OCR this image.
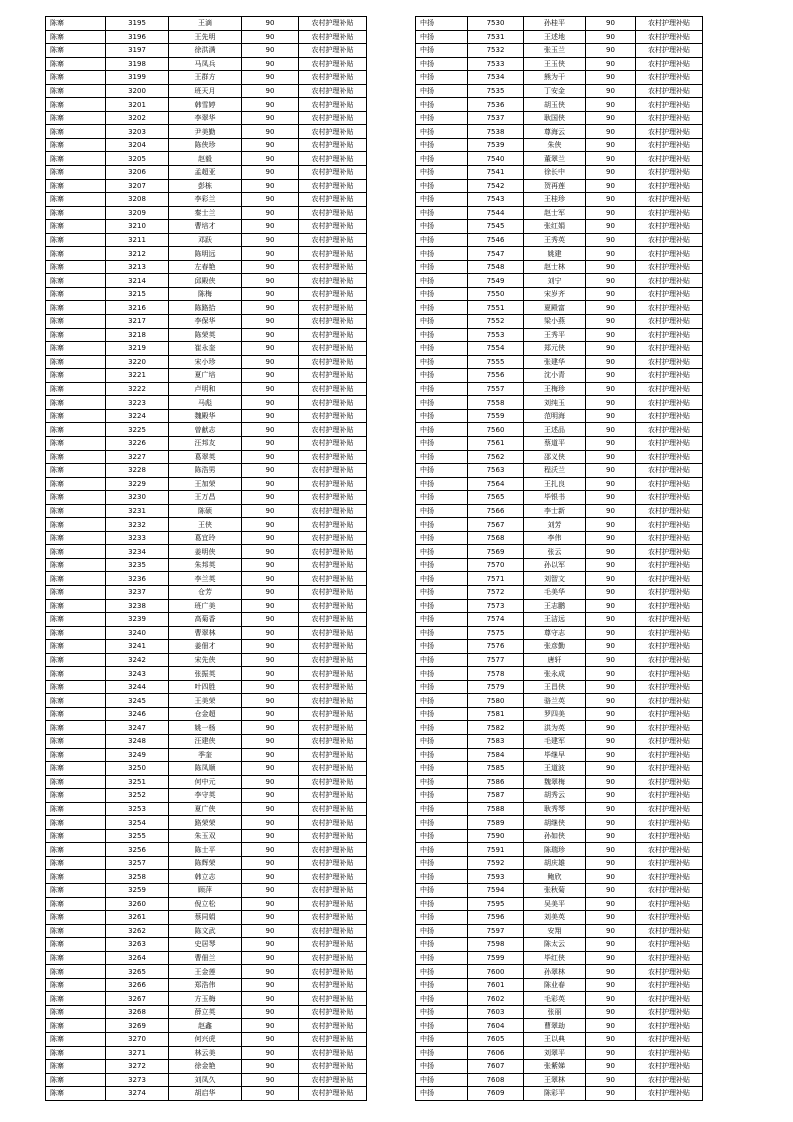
陈寨	3195	王滴	90	农村护理补贴
陈寨	3196	王先明	90	农村护理补贴
陈寨	3197	徐洪满	90	农村护理补贴
陈寨	3198	马凤兵	90	农村护理补贴
陈寨	3199	王群方	90	农村护理补贴
陈寨	3200	班天月	90	农村护理补贴
陈寨	3201	韩雪婷	90	农村护理补贴
陈寨	3202	李翠华	90	农村护理补贴
陈寨	3203	尹美勤	90	农村护理补贴
陈寨	3204	陈侠珍	90	农村护理补贴
陈寨	3205	赵毅	90	农村护理补贴
陈寨	3206	孟超亚	90	农村护理补贴
陈寨	3207	彭栋	90	农村护理补贴
陈寨	3208	李彩兰	90	农村护理补贴
陈寨	3209	秦士兰	90	农村护理补贴
陈寨	3210	曹培才	90	农村护理补贴
陈寨	3211	邓跃	90	农村护理补贴
陈寨	3212	陈明远	90	农村护理补贴
陈寨	3213	左春艳	90	农村护理补贴
陈寨	3214	邱殿侠	90	农村护理补贴
陈寨	3215	陈梅	90	农村护理补贴
陈寨	3216	陈路拾	90	农村护理补贴
陈寨	3217	李保华	90	农村护理补贴
陈寨	3218	陈荣英	90	农村护理补贴
陈寨	3219	崔永奎	90	农村护理补贴
陈寨	3220	宋小珍	90	农村护理补贴
陈寨	3221	夏广培	90	农村护理补贴
陈寨	3222	卢明和	90	农村护理补贴
陈寨	3223	马彪	90	农村护理补贴
陈寨	3224	魏殿华	90	农村护理补贴
陈寨	3225	曾献志	90	农村护理补贴
陈寨	3226	汪邦友	90	农村护理补贴
陈寨	3227	葛翠英	90	农村护理补贴
陈寨	3228	陈浩男	90	农村护理补贴
陈寨	3229	王加荣	90	农村护理补贴
陈寨	3230	王万昌	90	农村护理补贴
陈寨	3231	陈硕	90	农村护理补贴
陈寨	3232	王侠	90	农村护理补贴
陈寨	3233	葛宜玲	90	农村护理补贴
陈寨	3234	姜明侠	90	农村护理补贴
陈寨	3235	朱邦英	90	农村护理补贴
陈寨	3236	李兰英	90	农村护理补贴
陈寨	3237	仓芳	90	农村护理补贴
陈寨	3238	班广美	90	农村护理补贴
陈寨	3239	高菊香	90	农村护理补贴
陈寨	3240	曹翠林	90	农村护理补贴
陈寨	3241	姜佃才	90	农村护理补贴
陈寨	3242	宋先侠	90	农村护理补贴
陈寨	3243	张振英	90	农村护理补贴
陈寨	3244	叶四胜	90	农村护理补贴
陈寨	3245	王美荣	90	农村护理补贴
陈寨	3246	仓金超	90	农村护理补贴
陈寨	3247	姚一杨	90	农村护理补贴
陈寨	3248	汪建侠	90	农村护理补贴
陈寨	3249	季奎	90	农村护理补贴
陈寨	3250	陈凤顺	90	农村护理补贴
陈寨	3251	何中元	90	农村护理补贴
陈寨	3252	李守英	90	农村护理补贴
陈寨	3253	夏广侠	90	农村护理补贴
陈寨	3254	路荣荣	90	农村护理补贴
陈寨	3255	朱玉双	90	农村护理补贴
陈寨	3256	陈士平	90	农村护理补贴
陈寨	3257	陈辉荣	90	农村护理补贴
陈寨	3258	韩立志	90	农村护理补贴
陈寨	3259	顾萍	90	农村护理补贴
陈寨	3260	倪立松	90	农村护理补贴
陈寨	3261	蔡同娟	90	农村护理补贴
陈寨	3262	陈文武	90	农村护理补贴
陈寨	3263	史居琴	90	农村护理补贴
陈寨	3264	曹佃兰	90	农村护理补贴
陈寨	3265	王金莲	90	农村护理补贴
陈寨	3266	郑浩伟	90	农村护理补贴
陈寨	3267	方玉梅	90	农村护理补贴
陈寨	3268	薛立英	90	农村护理补贴
陈寨	3269	赵鑫	90	农村护理补贴
陈寨	3270	何兴虎	90	农村护理补贴
陈寨	3271	林云美	90	农村护理补贴
陈寨	3272	徐金艳	90	农村护理补贴
陈寨	3273	刘凤久	90	农村护理补贴
陈寨	3274	胡启华	90	农村护理补贴
中扬	7530	孙桂平	90	农村护理补贴
中扬	7531	王述地	90	农村护理补贴
中扬	7532	张玉兰	90	农村护理补贴
中扬	7533	王玉侠	90	农村护理补贴
中扬	7534	熊为干	90	农村护理补贴
中扬	7535	丁安金	90	农村护理补贴
中扬	7536	胡玉侠	90	农村护理补贴
中扬	7537	耿国侠	90	农村护理补贴
中扬	7538	尊海云	90	农村护理补贴
中扬	7539	朱侠	90	农村护理补贴
中扬	7540	董翠兰	90	农村护理补贴
中扬	7541	徐长中	90	农村护理补贴
中扬	7542	贺再莲	90	农村护理补贴
中扬	7543	王桂珍	90	农村护理补贴
中扬	7544	赵士军	90	农村护理补贴
中扬	7545	张红娟	90	农村护理补贴
中扬	7546	王秀英	90	农村护理补贴
中扬	7547	姚建	90	农村护理补贴
中扬	7548	赵士林	90	农村护理补贴
中扬	7549	刘宁	90	农村护理补贴
中扬	7550	宋岁齐	90	农村护理补贴
中扬	7551	夏殿富	90	农村护理补贴
中扬	7552	梁小燕	90	农村护理补贴
中扬	7553	王秀平	90	农村护理补贴
中扬	7554	郑元侠	90	农村护理补贴
中扬	7555	张建华	90	农村护理补贴
中扬	7556	沈小青	90	农村护理补贴
中扬	7557	王梅珍	90	农村护理补贴
中扬	7558	刘纯玉	90	农村护理补贴
中扬	7559	范明海	90	农村护理补贴
中扬	7560	王述品	90	农村护理补贴
中扬	7561	蔡道平	90	农村护理补贴
中扬	7562	邵义侠	90	农村护理补贴
中扬	7563	程沃兰	90	农村护理补贴
中扬	7564	王扎良	90	农村护理补贴
中扬	7565	毕银书	90	农村护理补贴
中扬	7566	李士新	90	农村护理补贴
中扬	7567	刘芳	90	农村护理补贴
中扬	7568	李伟	90	农村护理补贴
中扬	7569	张云	90	农村护理补贴
中扬	7570	孙以军	90	农村护理补贴
中扬	7571	刘智文	90	农村护理补贴
中扬	7572	毛美华	90	农村护理补贴
中扬	7573	王志鹏	90	农村护理补贴
中扬	7574	王洁远	90	农村护理补贴
中扬	7575	尊守志	90	农村护理补贴
中扬	7576	张彦勤	90	农村护理补贴
中扬	7577	唐轩	90	农村护理补贴
中扬	7578	张永成	90	农村护理补贴
中扬	7579	王昌侠	90	农村护理补贴
中扬	7580	骆兰英	90	农村护理补贴
中扬	7581	罗四美	90	农村护理补贴
中扬	7582	洪为英	90	农村护理补贴
中扬	7583	毛建军	90	农村护理补贴
中扬	7584	毕继早	90	农村护理补贴
中扬	7585	王道波	90	农村护理补贴
中扬	7586	魏翠梅	90	农村护理补贴
中扬	7587	胡秀云	90	农村护理补贴
中扬	7588	耿秀琴	90	农村护理补贴
中扬	7589	胡继侠	90	农村护理补贴
中扬	7590	孙如侠	90	农村护理补贴
中扬	7591	陈瑞珍	90	农村护理补贴
中扬	7592	胡庆雄	90	农村护理补贴
中扬	7593	鲍欣	90	农村护理补贴
中扬	7594	张秋菊	90	农村护理补贴
中扬	7595	吴美平	90	农村护理补贴
中扬	7596	刘美英	90	农村护理补贴
中扬	7597	安翔	90	农村护理补贴
中扬	7598	陈太云	90	农村护理补贴
中扬	7599	毕红侠	90	农村护理补贴
中扬	7600	孙翠林	90	农村护理补贴
中扬	7601	陈业春	90	农村护理补贴
中扬	7602	毛彩英	90	农村护理补贴
中扬	7603	张丽	90	农村护理补贴
中扬	7604	曹翠劫	90	农村护理补贴
中扬	7605	王以典	90	农村护理补贴
中扬	7606	刘翠平	90	农村护理补贴
中扬	7607	张紫娣	90	农村护理补贴
中扬	7608	王翠林	90	农村护理补贴
中扬	7609	陈彩平	90	农村护理补贴
